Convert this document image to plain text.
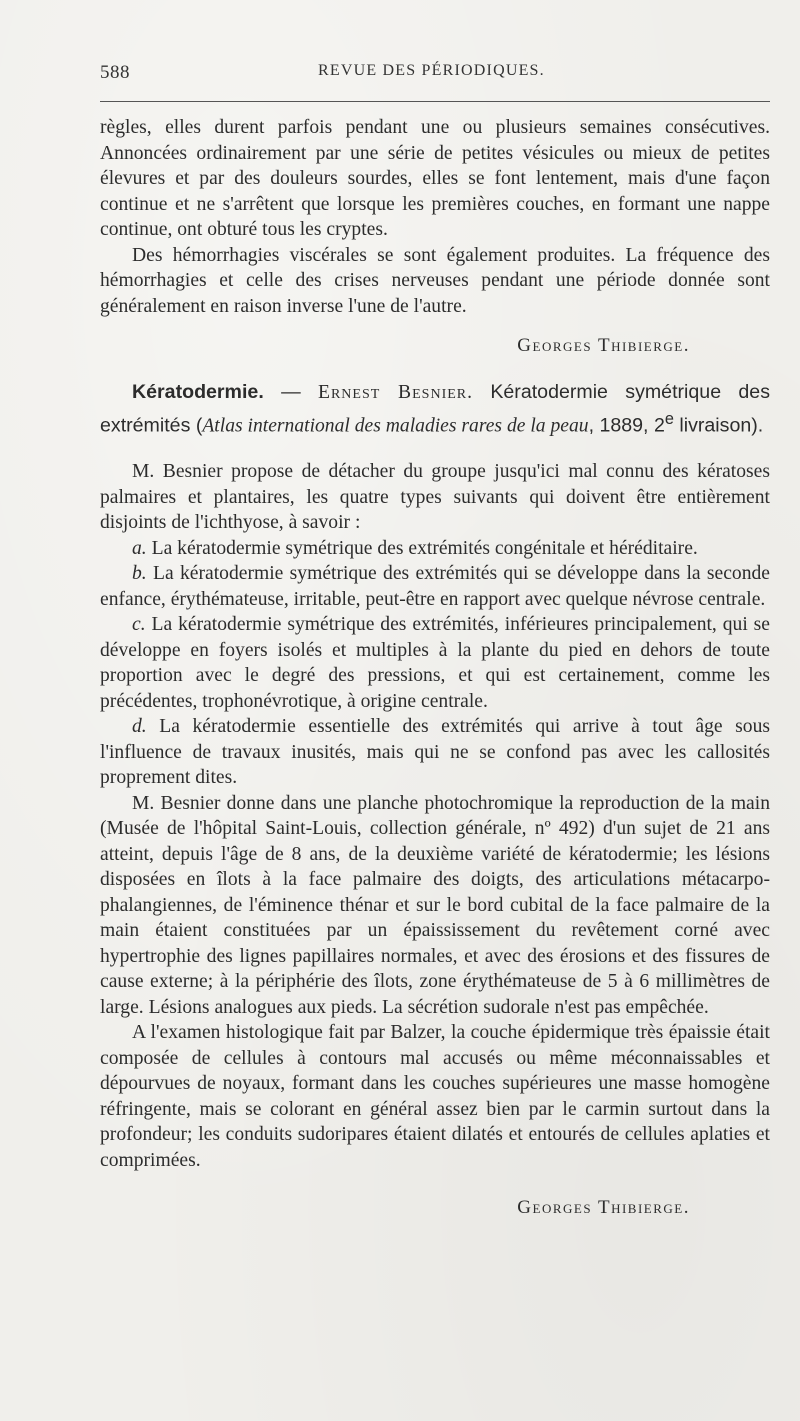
588	REVUE DES PÉRIODIQUES.

règles, elles durent parfois pendant une ou plusieurs semaines consécutives. Annoncées ordinairement par une série de petites vésicules ou mieux de petites élevures et par des douleurs sourdes, elles se font lentement, mais d'une façon continue et ne s'arrêtent que lorsque les premières couches, en formant une nappe continue, ont obturé tous les cryptes.

Des hémorrhagies viscérales se sont également produites. La fréquence des hémorrhagies et celle des crises nerveuses pendant une période donnée sont généralement en raison inverse l'une de l'autre.

Georges Thibierge.

Kératodermie. — Ernest Besnier. Kératodermie symétrique des extrémités (Atlas international des maladies rares de la peau, 1889, 2e livraison).

M. Besnier propose de détacher du groupe jusqu'ici mal connu des kératoses palmaires et plantaires, les quatre types suivants qui doivent être entièrement disjoints de l'ichthyose, à savoir :

a. La kératodermie symétrique des extrémités congénitale et héréditaire.

b. La kératodermie symétrique des extrémités qui se développe dans la seconde enfance, érythémateuse, irritable, peut-être en rapport avec quelque névrose centrale.

c. La kératodermie symétrique des extrémités, inférieures principalement, qui se développe en foyers isolés et multiples à la plante du pied en dehors de toute proportion avec le degré des pressions, et qui est certainement, comme les précédentes, trophonévrotique, à origine centrale.

d. La kératodermie essentielle des extrémités qui arrive à tout âge sous l'influence de travaux inusités, mais qui ne se confond pas avec les callosités proprement dites.

M. Besnier donne dans une planche photochromique la reproduction de la main (Musée de l'hôpital Saint-Louis, collection générale, nº 492) d'un sujet de 21 ans atteint, depuis l'âge de 8 ans, de la deuxième variété de kératodermie; les lésions disposées en îlots à la face palmaire des doigts, des articulations métacarpo-phalangiennes, de l'éminence thénar et sur le bord cubital de la face palmaire de la main étaient constituées par un épaississement du revêtement corné avec hypertrophie des lignes papillaires normales, et avec des érosions et des fissures de cause externe; à la périphérie des îlots, zone érythémateuse de 5 à 6 millimètres de large. Lésions analogues aux pieds. La sécrétion sudorale n'est pas empêchée.

A l'examen histologique fait par Balzer, la couche épidermique très épaissie était composée de cellules à contours mal accusés ou même méconnaissables et dépourvues de noyaux, formant dans les couches supérieures une masse homogène réfringente, mais se colorant en général assez bien par le carmin surtout dans la profondeur; les conduits sudoripares étaient dilatés et entourés de cellules aplaties et comprimées.

Georges Thibierge.
